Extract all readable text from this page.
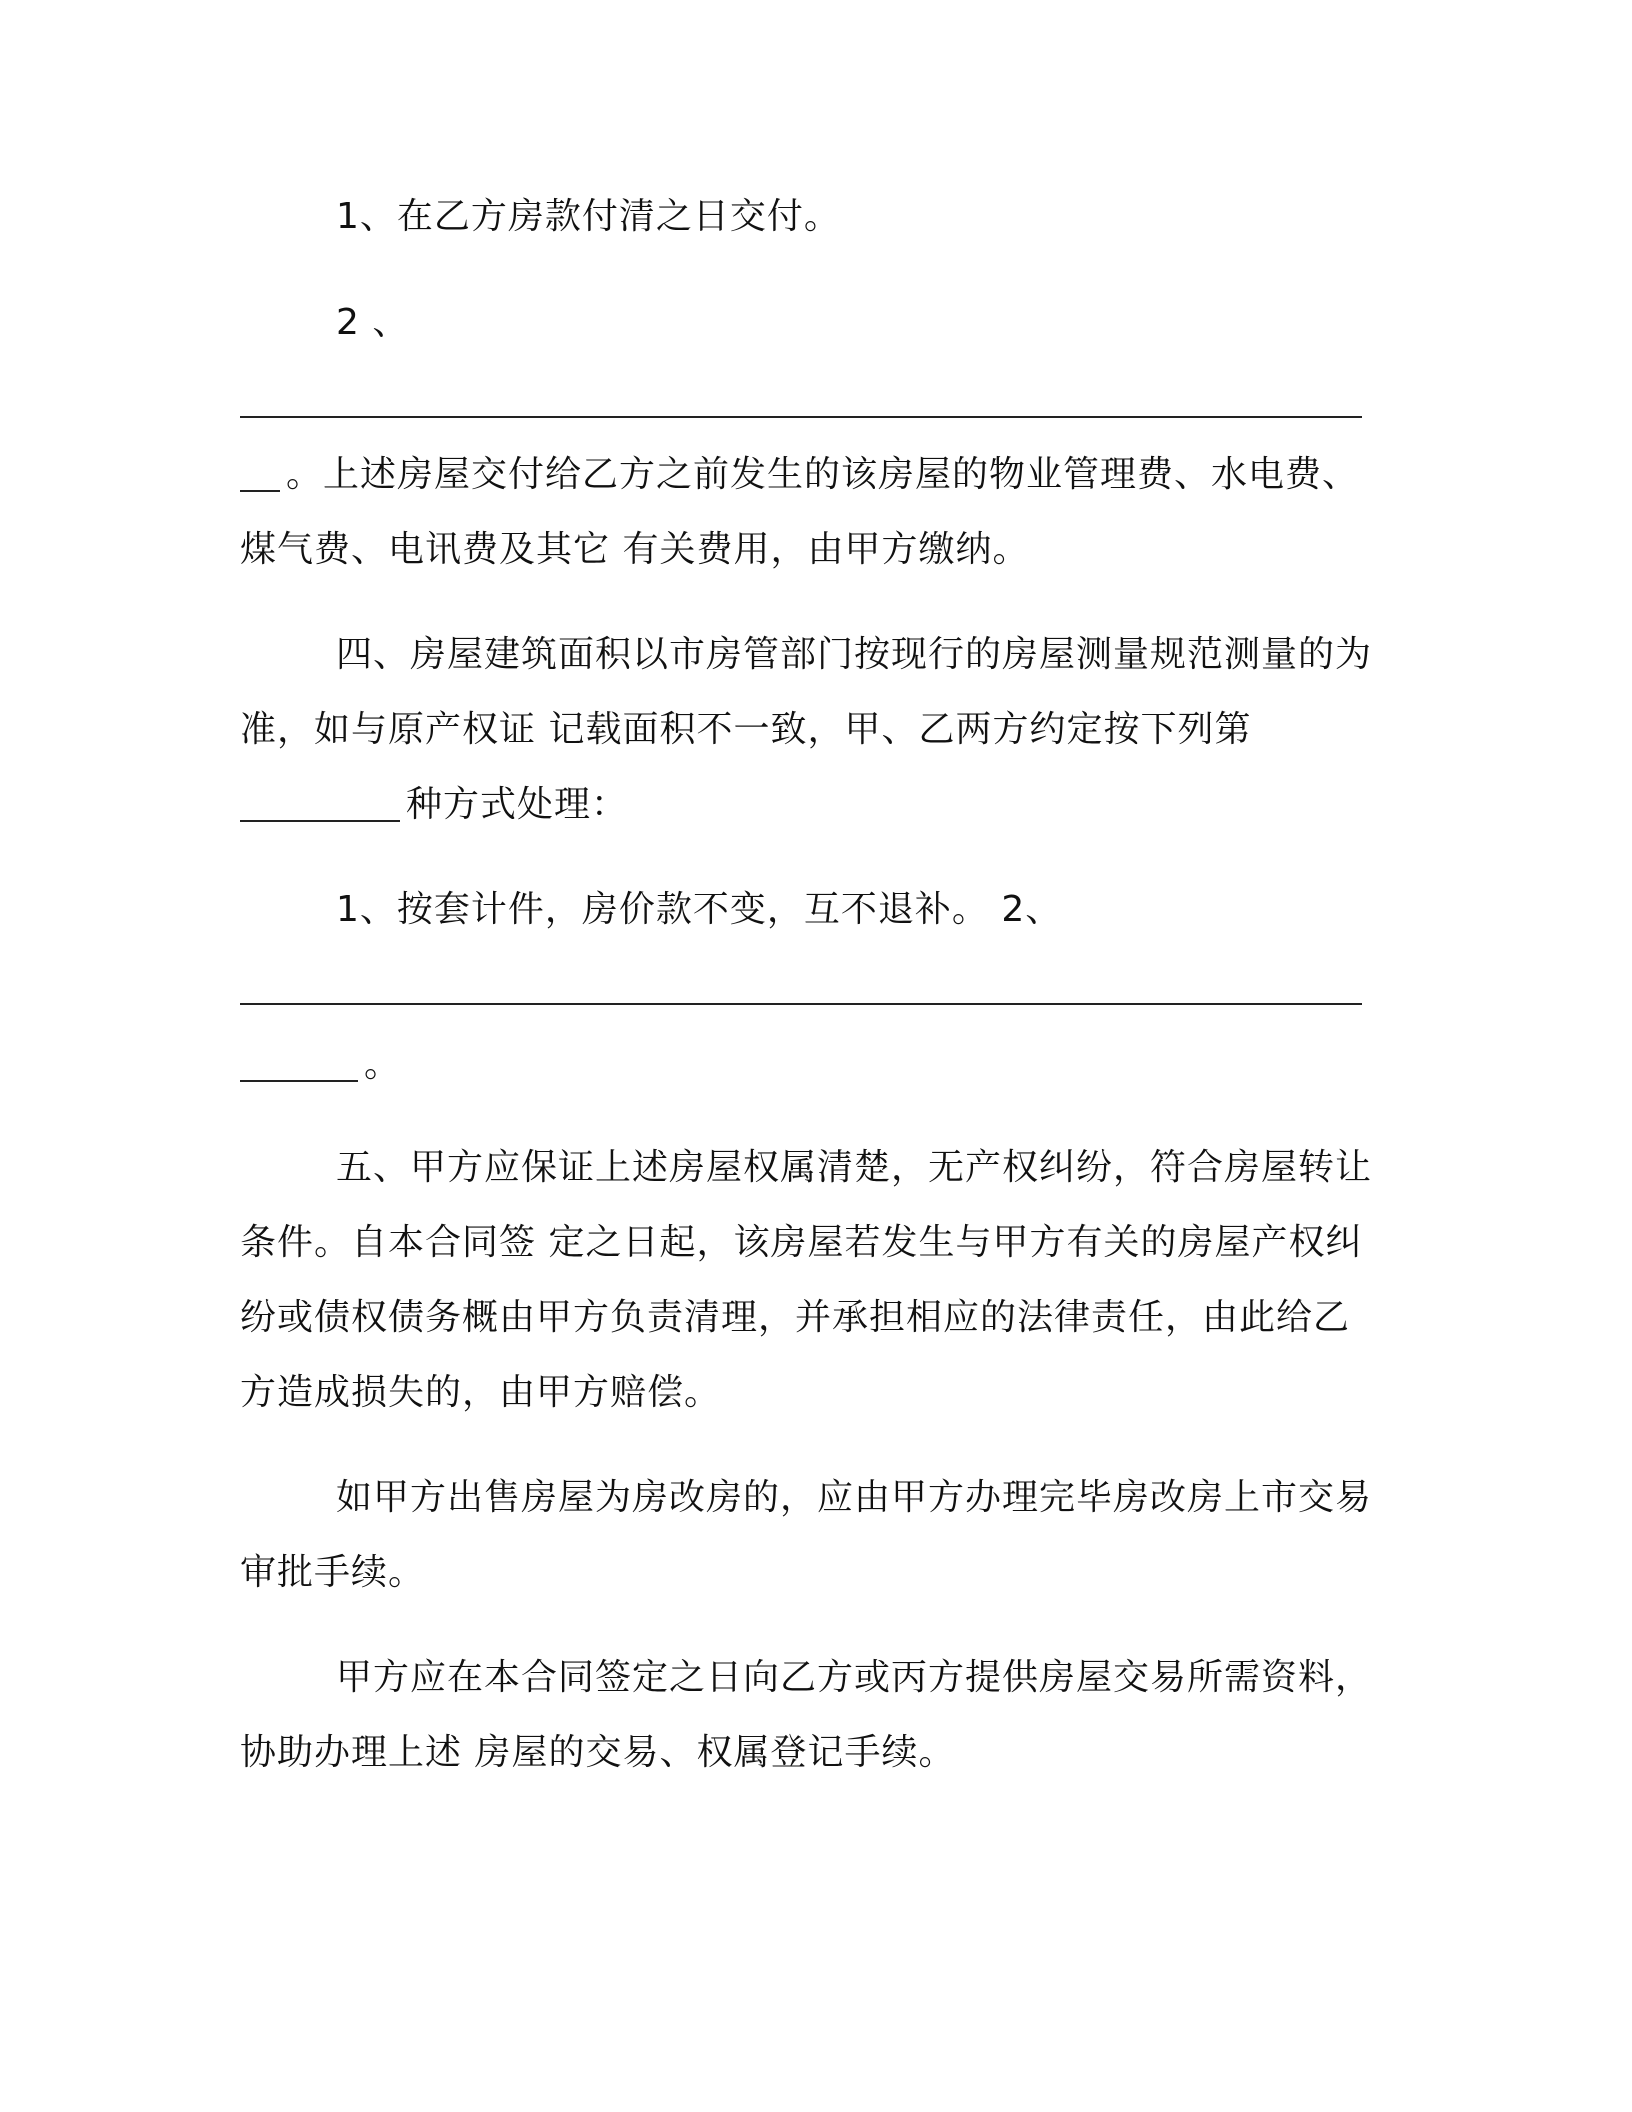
1、在乙方房款付清之日交付。
2 、
。上述房屋交付给乙方之前发生的该房屋的物业管理费、水电费、
煤气费、电讯费及其它 有关费用，由甲方缴纳。
四、房屋建筑面积以市房管部门按现行的房屋测量规范测量的为
准，如与原产权证 记载面积不一致，甲、乙两方约定按下列第
种方式处理：
1、按套计件，房价款不变，互不退补。 2、
。
五、甲方应保证上述房屋权属清楚，无产权纠纷，符合房屋转让
条件。自本合同签 定之日起，该房屋若发生与甲方有关的房屋产权纠
纷或债权债务概由甲方负责清理，并承担相应的法律责任，由此给乙
方造成损失的，由甲方赔偿。
如甲方出售房屋为房改房的，应由甲方办理完毕房改房上市交易
审批手续。
甲方应在本合同签定之日向乙方或丙方提供房屋交易所需资料，
协助办理上述 房屋的交易、权属登记手续。
